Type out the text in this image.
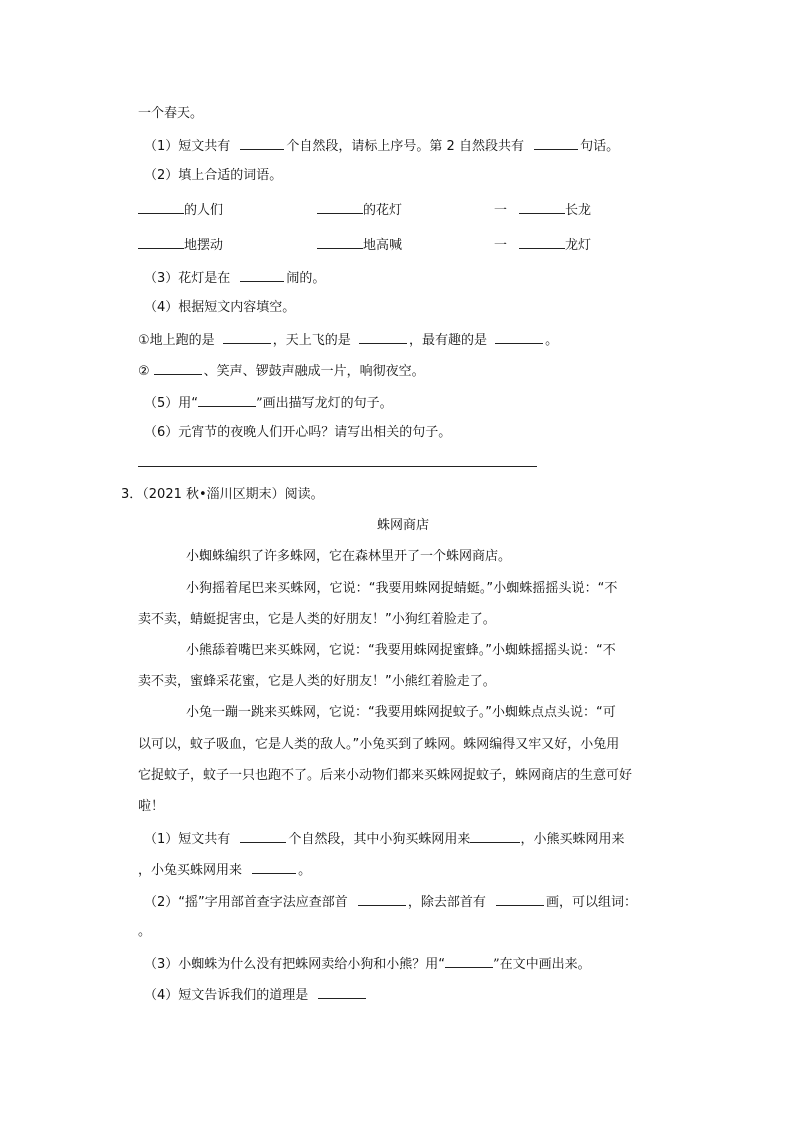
一个春天。
（1）短文共有	个自然段，请标上序号。第 2 自然段共有	句话。
（2）填上合适的词语。
的人们	的花灯	一	长龙
地摆动	地高喊	一	龙灯
（3）花灯是在	闹的。
（4）根据短文内容填空。
①地上跑的是	，天上飞的是	，最有趣的是	。
②	、笑声、锣鼓声融成一片，响彻夜空。
（5）用“	”画出描写龙灯的句子。
（6）元宵节的夜晚人们开心吗？请写出相关的句子。
3．（2021 秋•淄川区期末）阅读。
蛛网商店
小蜘蛛编织了许多蛛网，它在森林里开了一个蛛网商店。
小狗摇着尾巴来买蛛网，它说：“我要用蛛网捉蜻蜓。”小蜘蛛摇摇头说：“不
卖不卖，蜻蜓捉害虫，它是人类的好朋友！”小狗红着脸走了。
小熊舔着嘴巴来买蛛网，它说：“我要用蛛网捉蜜蜂。”小蜘蛛摇摇头说：“不
卖不卖，蜜蜂采花蜜，它是人类的好朋友！”小熊红着脸走了。
小兔一蹦一跳来买蛛网，它说：“我要用蛛网捉蚊子。”小蜘蛛点点头说：“可
以可以，蚊子吸血，它是人类的敌人。”小兔买到了蛛网。蛛网编得又牢又好，小兔用
它捉蚊子，蚊子一只也跑不了。后来小动物们都来买蛛网捉蚊子，蛛网商店的生意可好
啦！
（1）短文共有	个自然段，其中小狗买蛛网用来	，小熊买蛛网用来
，小兔买蛛网用来	。
（2）“摇”字用部首查字法应查部首	，除去部首有	画，可以组词：
。
（3）小蜘蛛为什么没有把蛛网卖给小狗和小熊？用“	”在文中画出来。
（4）短文告诉我们的道理是
